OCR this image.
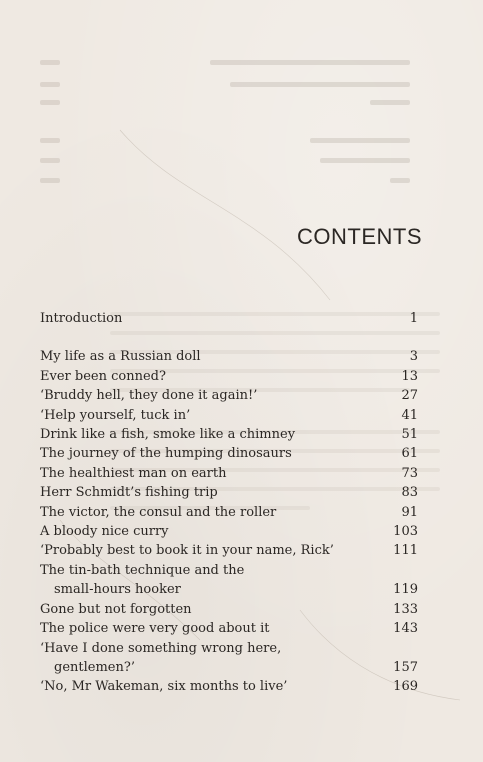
CONTENTS
Introduction	1
My life as a Russian doll	3
Ever been conned?	13
‘Bruddy hell, they done it again!’	27
‘Help yourself, tuck in’	41
Drink like a fish, smoke like a chimney	51
The journey of the humping dinosaurs	61
The healthiest man on earth	73
Herr Schmidt’s fishing trip	83
The victor, the consul and the roller	91
A bloody nice curry	103
‘Probably best to book it in your name, Rick’	111
The tin-bath technique and the
small-hours hooker	119
Gone but not forgotten	133
The police were very good about it	143
‘Have I done something wrong here,
gentlemen?’	157
‘No, Mr Wakeman, six months to live’	169
